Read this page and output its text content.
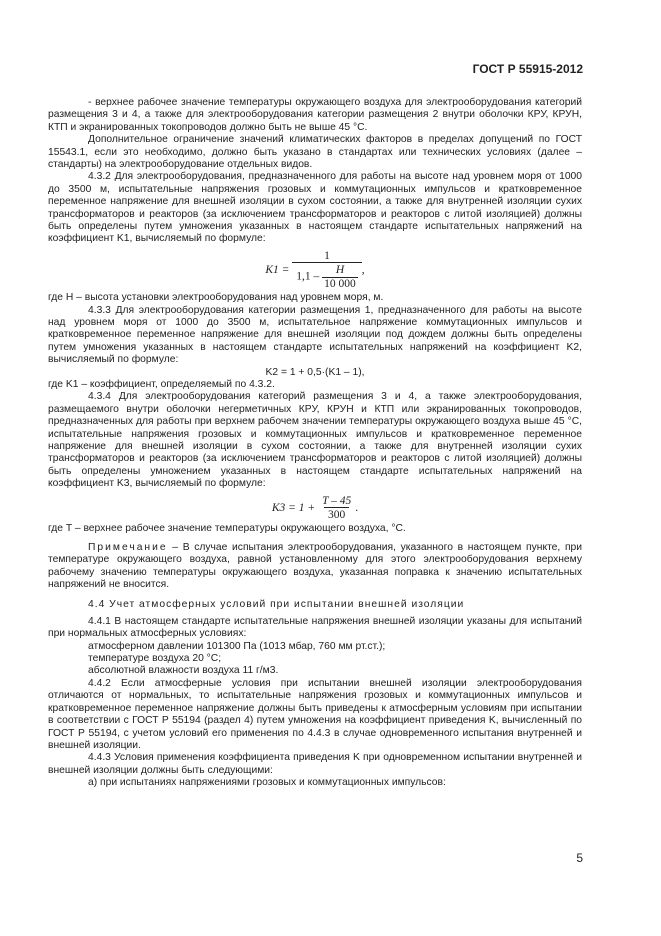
ГОСТ Р 55915-2012

- верхнее рабочее значение температуры окружающего воздуха для электрооборудования категорий размещения 3 и 4, а также для электрооборудования категории размещения 2 внутри оболочки КРУ, КРУН, КТП и экранированных токопроводов должно быть не выше 45 °С.

Дополнительное ограничение значений климатических факторов в пределах допущений по ГОСТ 15543.1, если это необходимо, должно быть указано в стандартах или технических условиях (далее – стандарты) на электрооборудование отдельных видов.

4.3.2 Для электрооборудования, предназначенного для работы на высоте над уровнем моря от 1000 до 3500 м, испытательные напряжения грозовых и коммутационных импульсов и кратковременное переменное напряжение для внешней изоляции в сухом состоянии, а также для внутренней изоляции сухих трансформаторов и реакторов (за исключением трансформаторов и реакторов с литой изоляцией) должны быть определены путем умножения указанных в настоящем стандарте испытательных напряжений на коэффициент K1, вычисляемый по формуле:

K1 =
$\frac{1}{1,1 - \frac{H}{10 000}}$ ,

где H – высота установки электрооборудования над уровнем моря, м.

4.3.3 Для электрооборудования категории размещения 1, предназначенного для работы на высоте над уровнем моря от 1000 до 3500 м, испытательное напряжение коммутационных импульсов и кратковременное переменное напряжение для внешней изоляции под дождем должны быть определены путем умножения указанных в настоящем стандарте испытательных напряжений на коэффициент K2, вычисляемый по формуле:

K2 = 1 + 0,5·(K1 – 1),

где K1 – коэффициент, определяемый по 4.3.2.

4.3.4 Для электрооборудования категорий размещения 3 и 4, а также электрооборудования, размещаемого внутри оболочки негерметичных КРУ, КРУН и КТП или экранированных токопроводов, предназначенных для работы при верхнем рабочем значении температуры окружающего воздуха выше 45 °С, испытательные напряжения грозовых и коммутационных импульсов и кратковременное переменное напряжение для внешней изоляции в сухом состоянии, а также для внутренней изоляции сухих трансформаторов и реакторов (за исключением трансформаторов и реакторов с литой изоляцией) должны быть определены умножением указанных в настоящем стандарте испытательных напряжений на коэффициент K3, вычисляемый по формуле:

K3 = 1 +
$\frac{T - 45}{300}$ .

где T – верхнее рабочее значение температуры окружающего воздуха, °С.

Примечание – В случае испытания электрооборудования, указанного в настоящем пункте, при температуре окружающего воздуха, равной установленному для этого электрооборудования верхнему рабочему значению температуры окружающего воздуха, указанная поправка к значению испытательных напряжений не вносится.

4.4 Учет атмосферных условий при испытании внешней изоляции

4.4.1 В настоящем стандарте испытательные напряжения внешней изоляции указаны для испытаний при нормальных атмосферных условиях:

атмосферном давлении 101300 Па (1013 мбар, 760 мм рт.ст.);

температуре воздуха 20 °С;

абсолютной влажности воздуха 11 г/м3.

4.4.2 Если атмосферные условия при испытании внешней изоляции электрооборудования отличаются от нормальных, то испытательные напряжения грозовых и коммутационных импульсов и кратковременное переменное напряжение должны быть приведены к атмосферным условиям при испытании в соответствии с ГОСТ Р 55194 (раздел 4) путем умножения на коэффициент приведения K, вычисленный по ГОСТ Р 55194, с учетом условий его применения по 4.4.3 в случае одновременного испытания внутренней и внешней изоляции.

4.4.3 Условия применения коэффициента приведения K при одновременном испытании внутренней и внешней изоляции должны быть следующими:

а) при испытаниях напряжениями грозовых и коммутационных импульсов:

5
